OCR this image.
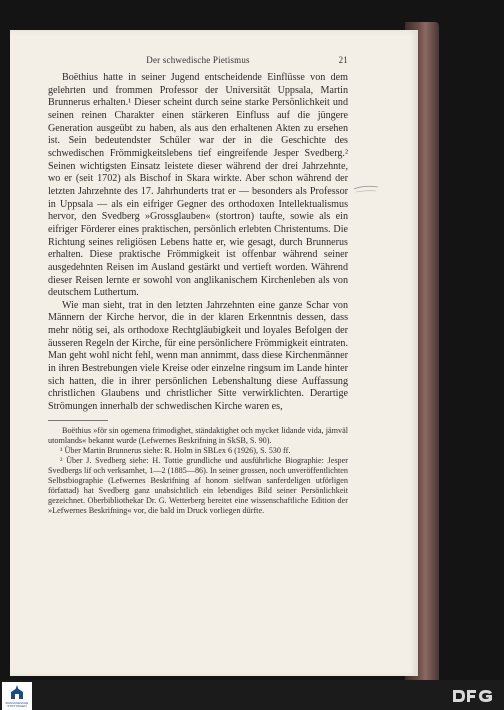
Der schwedische Pietismus	21

Boëthius hatte in seiner Jugend entscheidende Einflüsse von dem gelehrten und frommen Professor der Universität Uppsala, Martin Brunnerus erhalten.¹ Dieser scheint durch seine starke Persönlichkeit und seinen reinen Charakter einen stärkeren Einfluss auf die jüngere Generation ausgeübt zu haben, als aus den erhaltenen Akten zu ersehen ist. Sein bedeutendster Schüler war der in die Geschichte des schwedischen Frömmigkeitslebens tief eingreifende Jesper Svedberg.² Seinen wichtigsten Einsatz leistete dieser während der drei Jahrzehnte, wo er (seit 1702) als Bischof in Skara wirkte. Aber schon während der letzten Jahrzehnte des 17. Jahrhunderts trat er — besonders als Professor in Uppsala — als ein eifriger Gegner des orthodoxen Intellektualismus hervor, den Svedberg »Grossglauben« (stortron) taufte, sowie als ein eifriger Förderer eines praktischen, persönlich erlebten Christentums. Die Richtung seines religiösen Lebens hatte er, wie gesagt, durch Brunnerus erhalten. Diese praktische Frömmigkeit ist offenbar während seiner ausgedehnten Reisen im Ausland gestärkt und vertieft worden. Während dieser Reisen lernte er sowohl von anglikanischem Kirchenleben als von deutschem Luthertum.

Wie man sieht, trat in den letzten Jahrzehnten eine ganze Schar von Männern der Kirche hervor, die in der klaren Erkenntnis dessen, dass mehr nötig sei, als orthodoxe Rechtgläubigkeit und loyales Befolgen der äusseren Regeln der Kirche, für eine persönlichere Frömmigkeit eintraten. Man geht wohl nicht fehl, wenn man annimmt, dass diese Kirchenmänner in ihren Bestrebungen viele Kreise oder einzelne ringsum im Lande hinter sich hatten, die in ihrer persönlichen Lebenshaltung diese Auffassung christlichen Glaubens und christlicher Sitte verwirklichten. Derartige Strömungen innerhalb der schwedischen Kirche waren es,

Boëthius »för sin ogemena frimodighet, ständaktighet och mycket lidande vida, jämväl utomlands« bekannt wurde (Lefwernes Beskrifning in SkSB, S. 90).

¹ Über Martin Brunnerus siehe: R. Holm in SBLex 6 (1926), S. 530 ff.

² Über J. Svedberg siehe: H. Tottie grundliche und ausführliche Biographie: Jesper Svedbergs lif och verksamhet, 1—2 (1885—86). In seiner grossen, noch unveröffentlichten Selbstbiographie (Lefwernes Beskrifning af honom sielfwan sanferdeligen utförligen författad) hat Svedberg ganz unabsichtlich ein lebendiges Bild seiner Persönlichkeit gezeichnet. Oberbibliothekar Dr. G. Wetterberg bereitet eine wissenschaftliche Edition der »Lefwernes Beskrifning« vor, die bald im Druck vorliegen dürfte.

FRANCKESCHE STIFTUNGEN
